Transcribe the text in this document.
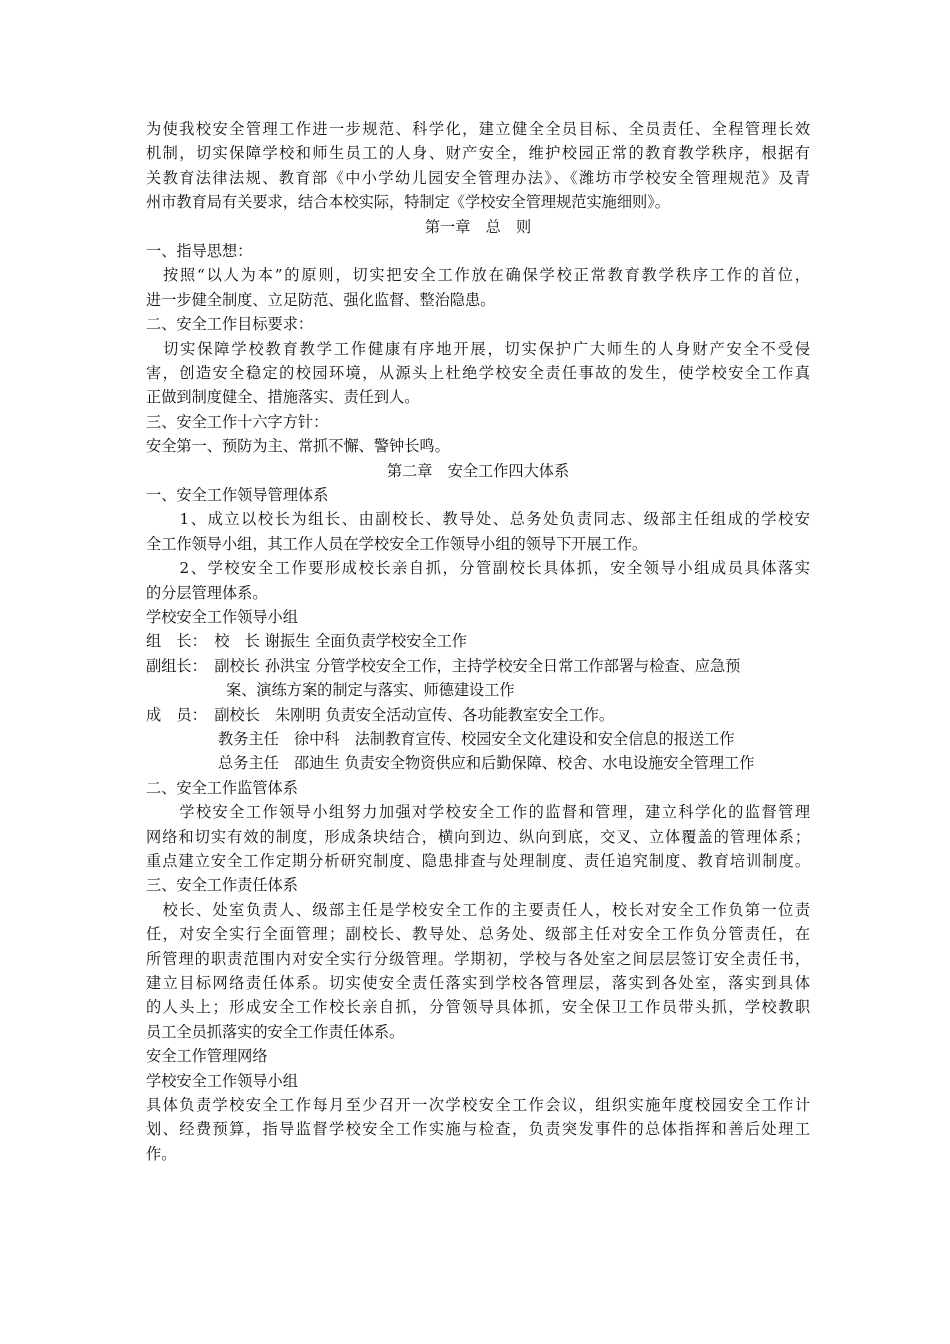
为使我校安全管理工作进一步规范、科学化，建立健全全员目标、全员责任、全程管理长效
机制，切实保障学校和师生员工的人身、财产安全，维护校园正常的教育教学秩序，根据有
关教育法律法规、教育部《中小学幼儿园安全管理办法》、《潍坊市学校安全管理规范》及青
州市教育局有关要求，结合本校实际，特制定《学校安全管理规范实施细则》。
第一章　总　则
一、指导思想：
　按照“以人为本”的原则，切实把安全工作放在确保学校正常教育教学秩序工作的首位，
进一步健全制度、立足防范、强化监督、整治隐患。
二、安全工作目标要求：
　切实保障学校教育教学工作健康有序地开展，切实保护广大师生的人身财产安全不受侵
害，创造安全稳定的校园环境，从源头上杜绝学校安全责任事故的发生，使学校安全工作真
正做到制度健全、措施落实、责任到人。
三、安全工作十六字方针：
安全第一、预防为主、常抓不懈、警钟长鸣。
第二章　安全工作四大体系
一、安全工作领导管理体系
　　1、成立以校长为组长、由副校长、教导处、总务处负责同志、级部主任组成的学校安
全工作领导小组，其工作人员在学校安全工作领导小组的领导下开展工作。
　　2、学校安全工作要形成校长亲自抓，分管副校长具体抓，安全领导小组成员具体落实
的分层管理体系。
学校安全工作领导小组
组　长：　校　长 谢振生 全面负责学校安全工作
副组长：　副校长 孙洪宝 分管学校安全工作，主持学校安全日常工作部署与检查、应急预
案、演练方案的制定与落实、师德建设工作
成　员：　副校长　朱刚明 负责安全活动宣传、各功能教室安全工作。
教务主任　徐中科　法制教育宣传、校园安全文化建设和安全信息的报送工作
总务主任　邵迪生 负责安全物资供应和后勤保障、校舍、水电设施安全管理工作
二、安全工作监管体系
　　学校安全工作领导小组努力加强对学校安全工作的监督和管理，建立科学化的监督管理
网络和切实有效的制度，形成条块结合，横向到边、纵向到底，交叉、立体覆盖的管理体系；
重点建立安全工作定期分析研究制度、隐患排查与处理制度、责任追究制度、教育培训制度。
三、安全工作责任体系
　校长、处室负责人、级部主任是学校安全工作的主要责任人，校长对安全工作负第一位责
任，对安全实行全面管理；副校长、教导处、总务处、级部主任对安全工作负分管责任，在
所管理的职责范围内对安全实行分级管理。学期初，学校与各处室之间层层签订安全责任书，
建立目标网络责任体系。切实使安全责任落实到学校各管理层，落实到各处室，落实到具体
的人头上；形成安全工作校长亲自抓，分管领导具体抓，安全保卫工作员带头抓，学校教职
员工全员抓落实的安全工作责任体系。
安全工作管理网络
学校安全工作领导小组
具体负责学校安全工作每月至少召开一次学校安全工作会议，组织实施年度校园安全工作计
划、经费预算，指导监督学校安全工作实施与检查，负责突发事件的总体指挥和善后处理工
作。
